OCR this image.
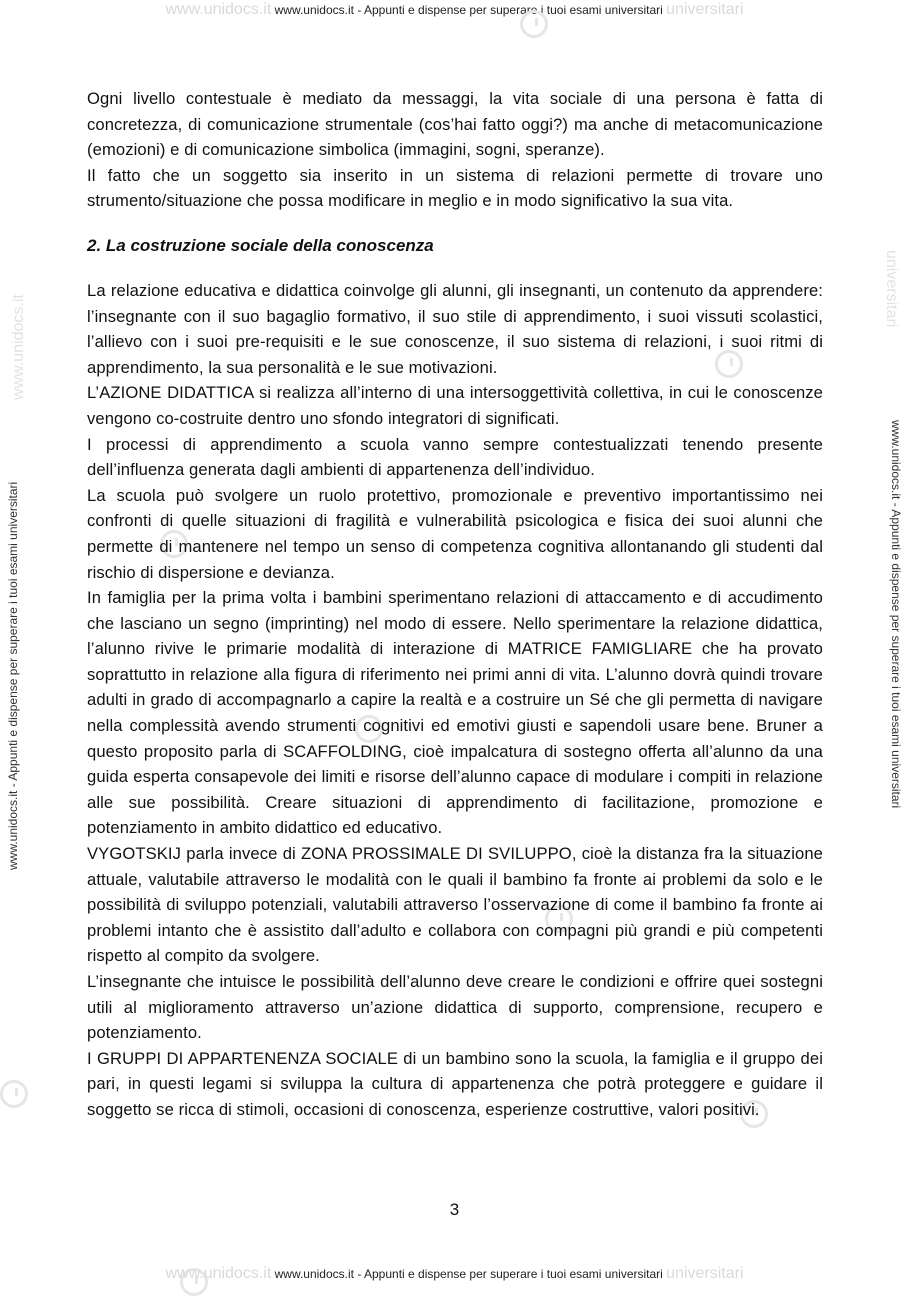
www.unidocs.it www.unidocs.it - Appunti e dispense per superare i tuoi esami universitari universitari
www.unidocs.it
universitari
www.unidocs.it - Appunti e dispense per superare i tuoi esami universitari	www.unidocs.it - Appunti e dispense per superare i tuoi esami universitari

Ogni livello contestuale è mediato da messaggi, la vita sociale di una persona è fatta di concretezza, di comunicazione strumentale (cos’hai fatto oggi?) ma anche di metacomunicazione (emozioni) e di comunicazione simbolica (immagini, sogni, speranze).

Il fatto che un soggetto sia inserito in un sistema di relazioni permette di trovare uno strumento/situazione che possa modificare in meglio e in modo significativo la sua vita.

2. La costruzione sociale della conoscenza

La relazione educativa e didattica coinvolge gli alunni, gli insegnanti, un contenuto da apprendere: l’insegnante con il suo bagaglio formativo, il suo stile di apprendimento, i suoi vissuti scolastici, l’allievo con i suoi pre-requisiti e le sue conoscenze, il suo sistema di relazioni, i suoi ritmi di apprendimento, la sua personalità e le sue motivazioni.

L’AZIONE DIDATTICA si realizza all’interno di una intersoggettività collettiva, in cui le conoscenze vengono co-costruite dentro uno sfondo integratori di significati.

I processi di apprendimento a scuola vanno sempre contestualizzati tenendo presente dell’influenza generata dagli ambienti di appartenenza dell’individuo.

La scuola può svolgere un ruolo protettivo, promozionale e preventivo importantissimo nei confronti di quelle situazioni di fragilità e vulnerabilità psicologica e fisica dei suoi alunni che permette di mantenere nel tempo un senso di competenza cognitiva allontanando gli studenti dal rischio di dispersione e devianza.

In famiglia per la prima volta i bambini sperimentano relazioni di attaccamento e di accudimento che lasciano un segno (imprinting) nel modo di essere. Nello sperimentare la relazione didattica, l’alunno rivive le primarie modalità di interazione di MATRICE FAMIGLIARE che ha provato soprattutto in relazione alla figura di riferimento nei primi anni di vita. L’alunno dovrà quindi trovare adulti in grado di accompagnarlo a capire la realtà e a costruire un Sé che gli permetta di navigare nella complessità avendo strumenti cognitivi ed emotivi giusti e sapendoli usare bene. Bruner a questo proposito parla di SCAFFOLDING, cioè impalcatura di sostegno offerta all’alunno da una guida esperta consapevole dei limiti e risorse dell’alunno capace di modulare i compiti in relazione alle sue possibilità. Creare situazioni di apprendimento di facilitazione, promozione e potenziamento in ambito didattico ed educativo.

VYGOTSKIJ parla invece di ZONA PROSSIMALE DI SVILUPPO, cioè la distanza fra la situazione attuale, valutabile attraverso le modalità con le quali il bambino fa fronte ai problemi da solo e le possibilità di sviluppo potenziali, valutabili attraverso l’osservazione di come il bambino fa fronte ai problemi intanto che è assistito dall’adulto e collabora con compagni più grandi e più competenti rispetto al compito da svolgere.

L’insegnante che intuisce le possibilità dell’alunno deve creare le condizioni e offrire quei sostegni utili al miglioramento attraverso un’azione didattica di supporto, comprensione, recupero e potenziamento.

I GRUPPI DI APPARTENENZA SOCIALE di un bambino sono la scuola, la famiglia e il gruppo dei pari, in questi legami si sviluppa la cultura di appartenenza che potrà proteggere e guidare il soggetto se ricca di stimoli, occasioni di conoscenza, esperienze costruttive, valori positivi.

3
www.unidocs.it www.unidocs.it - Appunti e dispense per superare i tuoi esami universitari universitari
